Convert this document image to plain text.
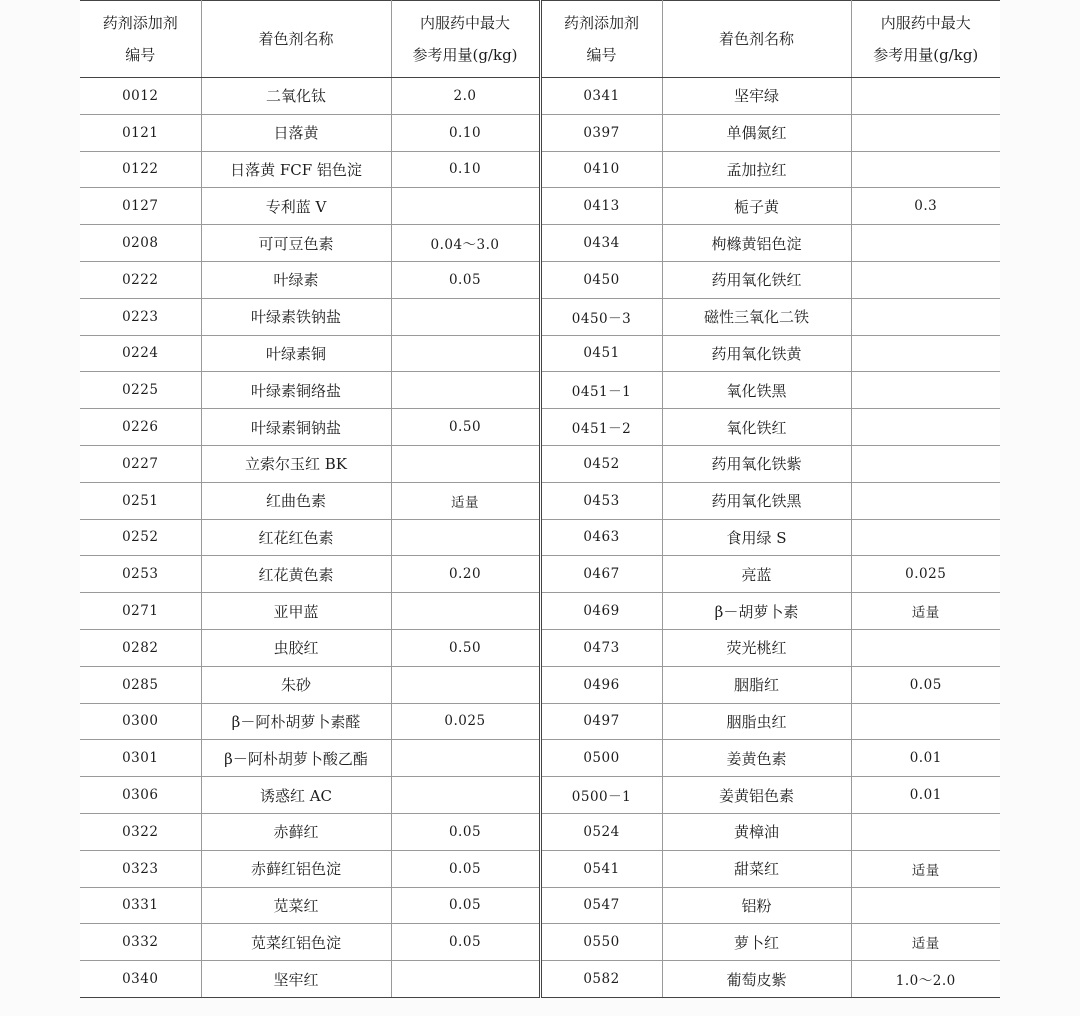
药剂添加剂
编号	着色剂名称	内服药中最大
参考用量(g/kg)	药剂添加剂
编号	着色剂名称	内服药中最大
参考用量(g/kg)

0012	二氧化钛	2.0	0341	坚牢绿	
0121	日落黄	0.10	0397	单偶氮红	
0122	日落黄 FCF 铝色淀	0.10	0410	孟加拉红	
0127	专利蓝 V		0413	栀子黄	0.3
0208	可可豆色素	0.04～3.0	0434	枸橼黄铝色淀	
0222	叶绿素	0.05	0450	药用氧化铁红	
0223	叶绿素铁钠盐		0450－3	磁性三氧化二铁	
0224	叶绿素铜		0451	药用氧化铁黄	
0225	叶绿素铜络盐		0451－1	氧化铁黑	
0226	叶绿素铜钠盐	0.50	0451－2	氧化铁红	
0227	立索尔玉红 BK		0452	药用氧化铁紫	
0251	红曲色素	适量	0453	药用氧化铁黑	
0252	红花红色素		0463	食用绿 S	
0253	红花黄色素	0.20	0467	亮蓝	0.025
0271	亚甲蓝		0469	β－胡萝卜素	适量
0282	虫胶红	0.50	0473	荧光桃红	
0285	朱砂		0496	胭脂红	0.05
0300	β－阿朴胡萝卜素醛	0.025	0497	胭脂虫红	
0301	β－阿朴胡萝卜酸乙酯		0500	姜黄色素	0.01
0306	诱惑红 AC		0500－1	姜黄铝色素	0.01
0322	赤藓红	0.05	0524	黄樟油	
0323	赤藓红铝色淀	0.05	0541	甜菜红	适量
0331	苋菜红	0.05	0547	铝粉	
0332	苋菜红铝色淀	0.05	0550	萝卜红	适量
0340	坚牢红		0582	葡萄皮紫	1.0～2.0
